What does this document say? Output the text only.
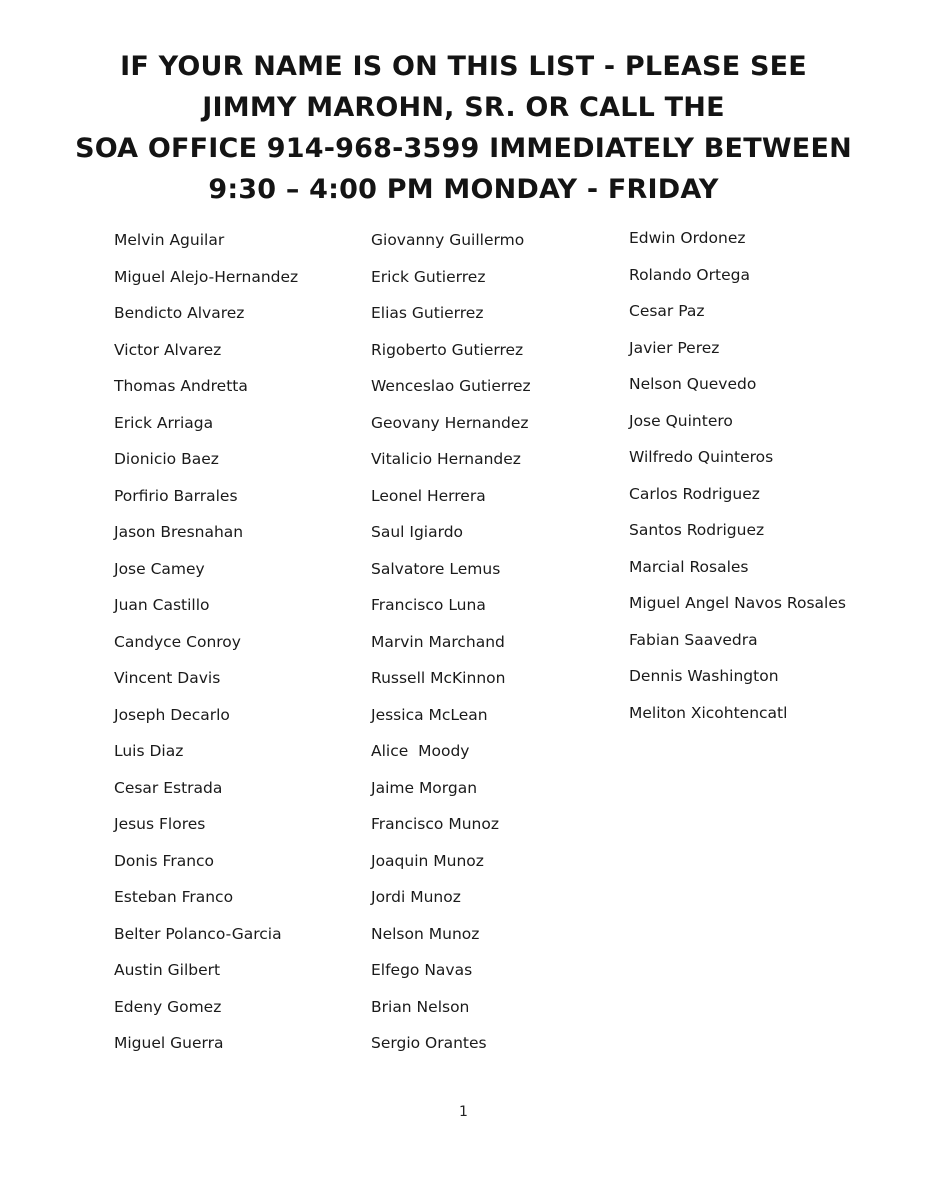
IF YOUR NAME IS ON THIS LIST - PLEASE SEE
JIMMY MAROHN, SR. OR CALL THE
SOA OFFICE 914-968-3599 IMMEDIATELY BETWEEN
9:30 – 4:00 PM MONDAY - FRIDAY
Melvin Aguilar
Miguel Alejo-Hernandez
Bendicto Alvarez
Victor Alvarez
Thomas Andretta
Erick Arriaga
Dionicio Baez
Porfirio Barrales
Jason Bresnahan
Jose Camey
Juan Castillo
Candyce Conroy
Vincent Davis
Joseph Decarlo
Luis Diaz
Cesar Estrada
Jesus Flores
Donis Franco
Esteban Franco
Belter Polanco-Garcia
Austin Gilbert
Edeny Gomez
Miguel Guerra
Giovanny Guillermo
Erick Gutierrez
Elias Gutierrez
Rigoberto Gutierrez
Wenceslao Gutierrez
Geovany Hernandez
Vitalicio Hernandez
Leonel Herrera
Saul Igiardo
Salvatore Lemus
Francisco Luna
Marvin Marchand
Russell McKinnon
Jessica McLean
Alice  Moody
Jaime Morgan
Francisco Munoz
Joaquin Munoz
Jordi Munoz
Nelson Munoz
Elfego Navas
Brian Nelson
Sergio Orantes
Edwin Ordonez
Rolando Ortega
Cesar Paz
Javier Perez
Nelson Quevedo
Jose Quintero
Wilfredo Quinteros
Carlos Rodriguez
Santos Rodriguez
Marcial Rosales
Miguel Angel Navos Rosales
Fabian Saavedra
Dennis Washington
Meliton Xicohtencatl
1
